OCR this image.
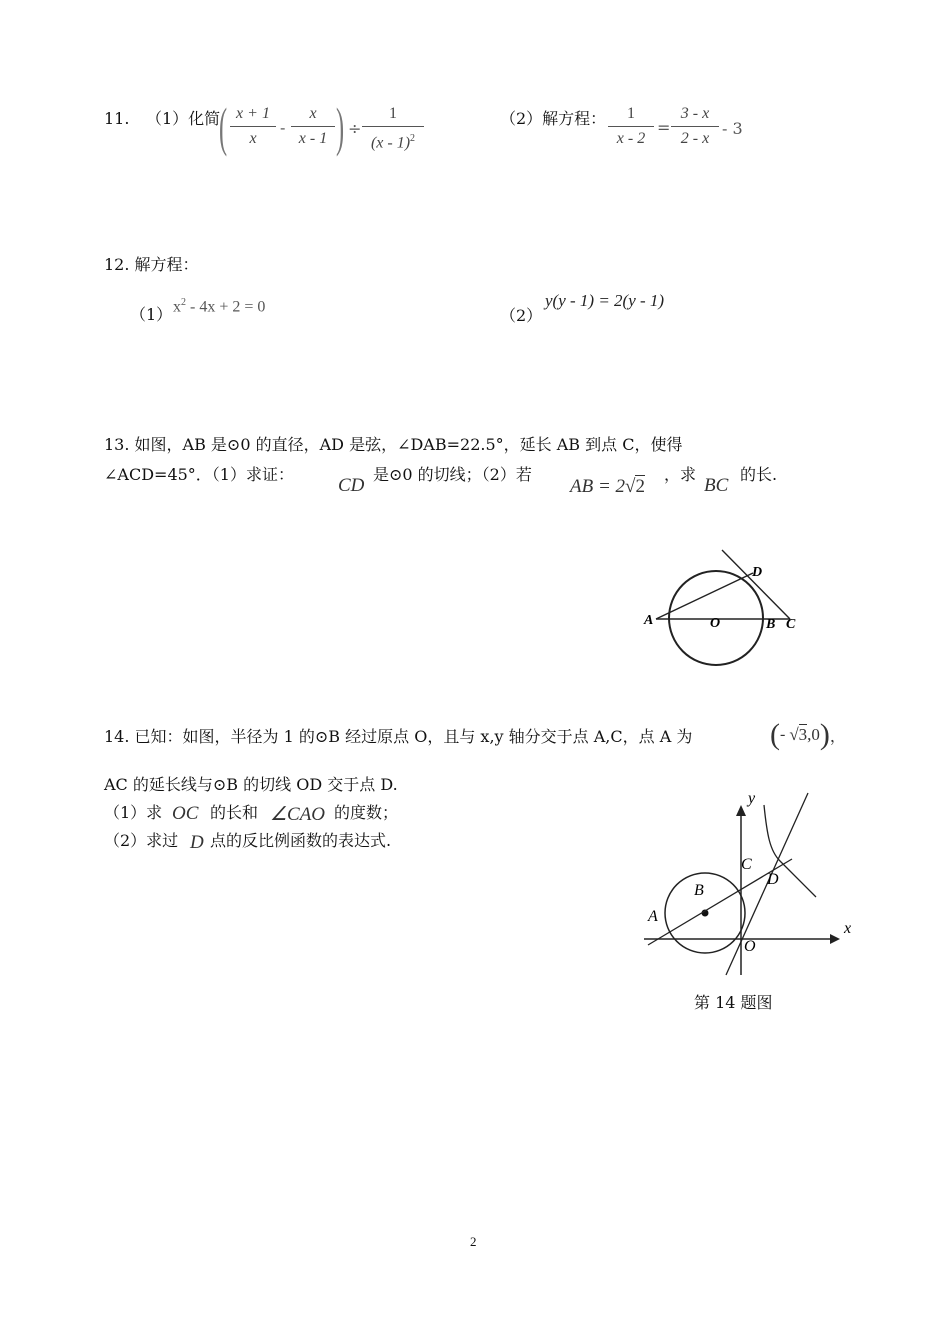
11. （1）化简
( x + 1
x
-
x
x - 1 ) ÷
1
(x - 1)$^2$
（2）解方程：	1
x - 2
=
3 - x
2 - x
- 3
12. 解方程：
（1） $x^2 - 4x + 2 = 0$	（2）
y(y - 1) = 2(y - 1)
13. 如图，AB 是⊙0 的直径，AD 是弦，∠DAB=22.5°，延长 AB 到点 C，使得
∠ACD=45°．（1）求证：
CD
是⊙0 的切线；（2）若
AB = 2√2
，求
BC
的长.
A	O	B C
D
14. 已知：如图，半径为 1 的⊙B 经过原点 O，且与 x,y 轴分交于点 A,C，点 A 为	(- √3,0)，
AC 的延长线与⊙B 的切线 OD 交于点 D.
（1）求 OC 的长和 ∠CAO 的度数；
（2）求过 D 点的反比例函数的表达式.
y
x
C
D
B
A
O
第 14 题图
2
